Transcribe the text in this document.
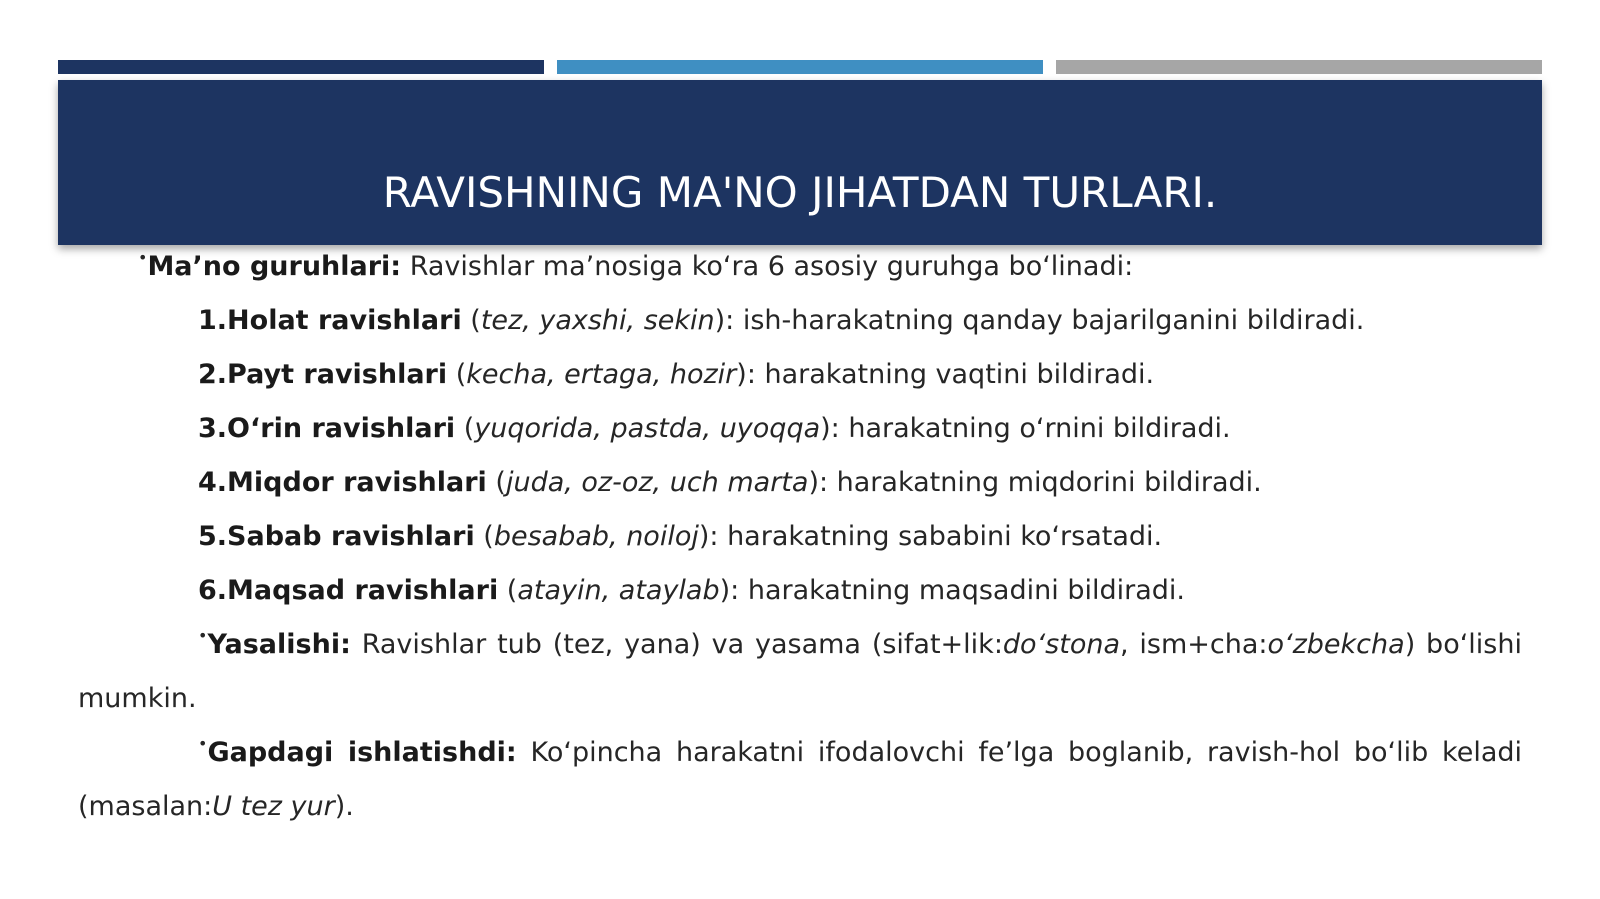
RAVISHNING MA'NO JIHATDAN TURLARI.
•Ma’no guruhlari: Ravishlar ma’nosiga ko‘ra 6 asosiy guruhga bo‘linadi:
1.Holat ravishlari (tez, yaxshi, sekin): ish-harakatning qanday bajarilganini bildiradi.
2.Payt ravishlari (kecha, ertaga, hozir): harakatning vaqtini bildiradi.
3.O‘rin ravishlari (yuqorida, pastda, uyoqqa): harakatning o‘rnini bildiradi.
4.Miqdor ravishlari (juda, oz-oz, uch marta): harakatning miqdorini bildiradi.
5.Sabab ravishlari (besabab, noiloj): harakatning sababini ko‘rsatadi.
6.Maqsad ravishlari (atayin, ataylab): harakatning maqsadini bildiradi.
•Yasalishi: Ravishlar tub (tez, yana) va yasama (sifat+lik:do‘stona, ism+cha:o‘zbekcha) bo‘lishi mumkin.
•Gapdagi ishlatishdi: Ko‘pincha harakatni ifodalovchi fe’lga boglanib, ravish-hol bo‘lib keladi (masalan:U tez yur).
